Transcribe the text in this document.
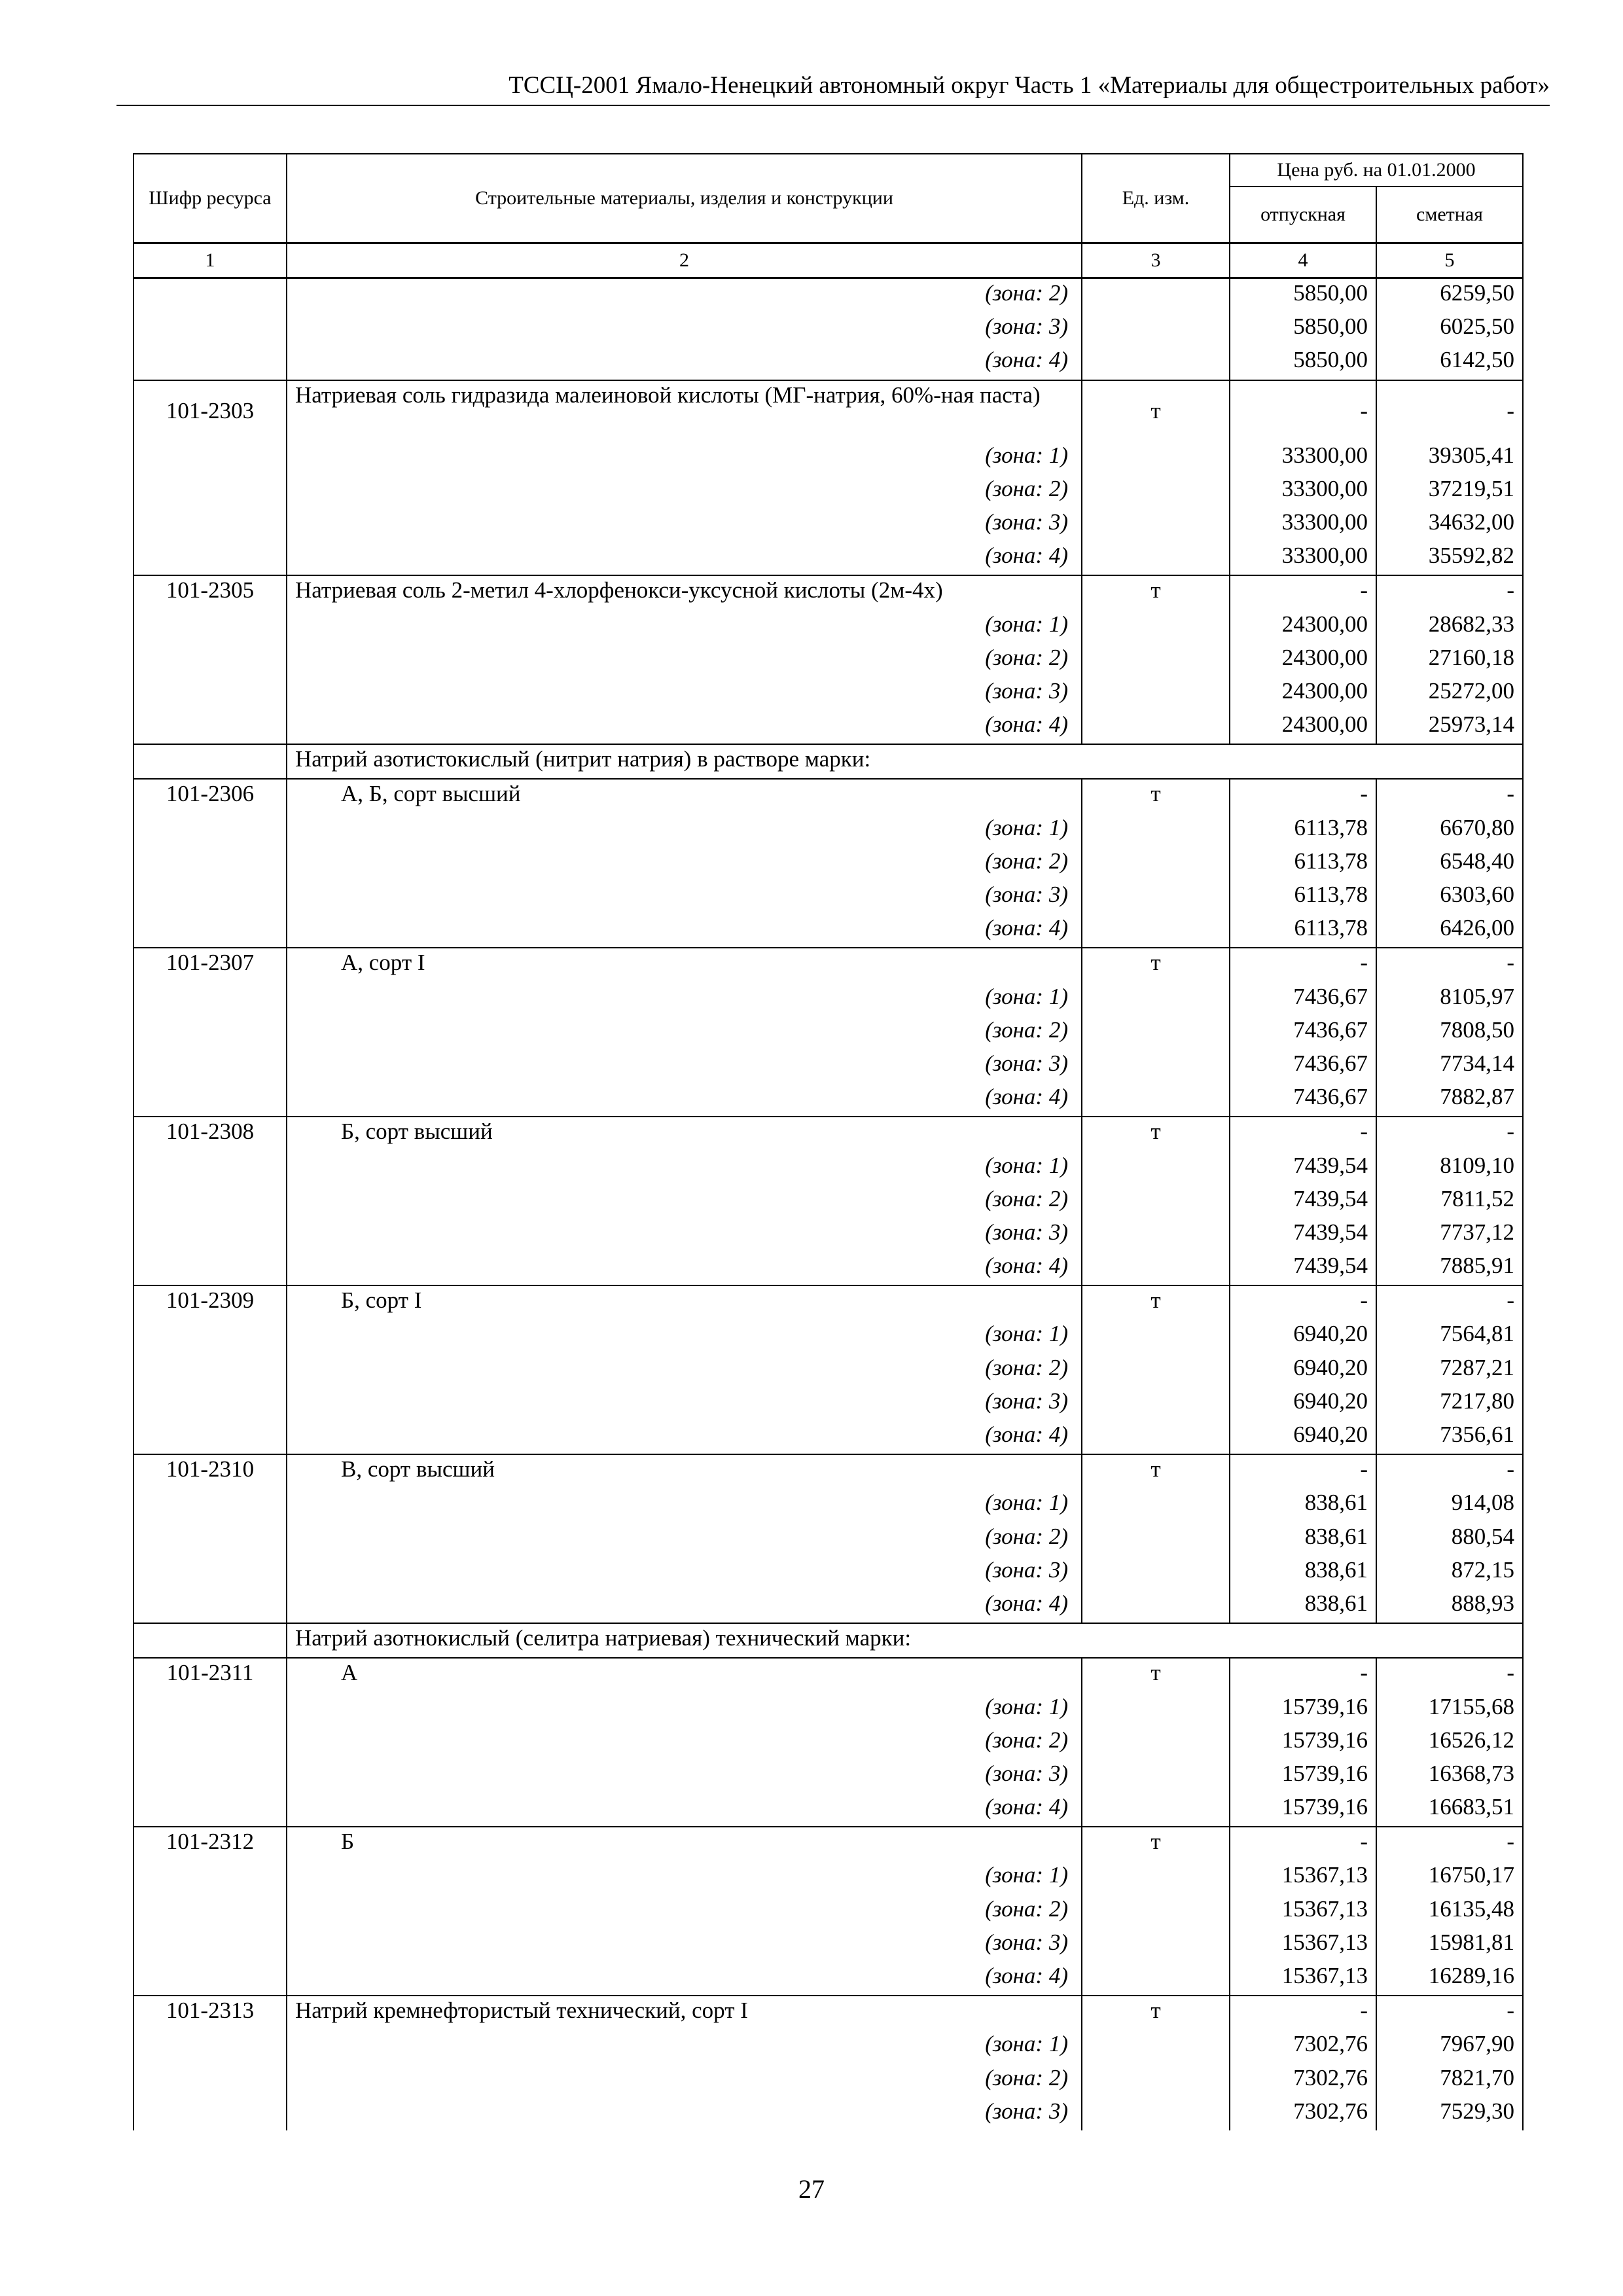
ТССЦ-2001 Ямало-Ненецкий автономный округ Часть 1 «Материалы для общестроительных работ»
Шифр ресурса	Строительные материалы, изделия и конструкции	Ед. изм.	Цена руб. на 01.01.2000	
			отпускная	сметная
1	2	3	4	5
	(зона: 2)		5850,00	6259,50
	(зона: 3)		5850,00	6025,50
	(зона: 4)		5850,00	6142,50
101-2303	Натриевая соль гидразида малеиновой кислоты (МГ-натрия, 60%-ная паста)	т	-	-
	(зона: 1)		33300,00	39305,41
	(зона: 2)		33300,00	37219,51
	(зона: 3)		33300,00	34632,00
	(зона: 4)		33300,00	35592,82
101-2305	Натриевая соль 2-метил 4-хлорфенокси-уксусной кислоты (2м-4х)	т	-	-
	(зона: 1)		24300,00	28682,33
	(зона: 2)		24300,00	27160,18
	(зона: 3)		24300,00	25272,00
	(зона: 4)		24300,00	25973,14
	Натрий азотистокислый (нитрит натрия) в растворе марки:			
101-2306	А, Б, сорт высший	т	-	-
	(зона: 1)		6113,78	6670,80
	(зона: 2)		6113,78	6548,40
	(зона: 3)		6113,78	6303,60
	(зона: 4)		6113,78	6426,00
101-2307	А, сорт I	т	-	-
	(зона: 1)		7436,67	8105,97
	(зона: 2)		7436,67	7808,50
	(зона: 3)		7436,67	7734,14
	(зона: 4)		7436,67	7882,87
101-2308	Б, сорт высший	т	-	-
	(зона: 1)		7439,54	8109,10
	(зона: 2)		7439,54	7811,52
	(зона: 3)		7439,54	7737,12
	(зона: 4)		7439,54	7885,91
101-2309	Б, сорт I	т	-	-
	(зона: 1)		6940,20	7564,81
	(зона: 2)		6940,20	7287,21
	(зона: 3)		6940,20	7217,80
	(зона: 4)		6940,20	7356,61
101-2310	В, сорт высший	т	-	-
	(зона: 1)		838,61	914,08
	(зона: 2)		838,61	880,54
	(зона: 3)		838,61	872,15
	(зона: 4)		838,61	888,93
	Натрий азотнокислый (селитра натриевая) технический марки:			
101-2311	А	т	-	-
	(зона: 1)		15739,16	17155,68
	(зона: 2)		15739,16	16526,12
	(зона: 3)		15739,16	16368,73
	(зона: 4)		15739,16	16683,51
101-2312	Б	т	-	-
	(зона: 1)		15367,13	16750,17
	(зона: 2)		15367,13	16135,48
	(зона: 3)		15367,13	15981,81
	(зона: 4)		15367,13	16289,16
101-2313	Натрий кремнефтористый технический, сорт I	т	-	-
	(зона: 1)		7302,76	7967,90
	(зона: 2)		7302,76	7821,70
	(зона: 3)		7302,76	7529,30
27
